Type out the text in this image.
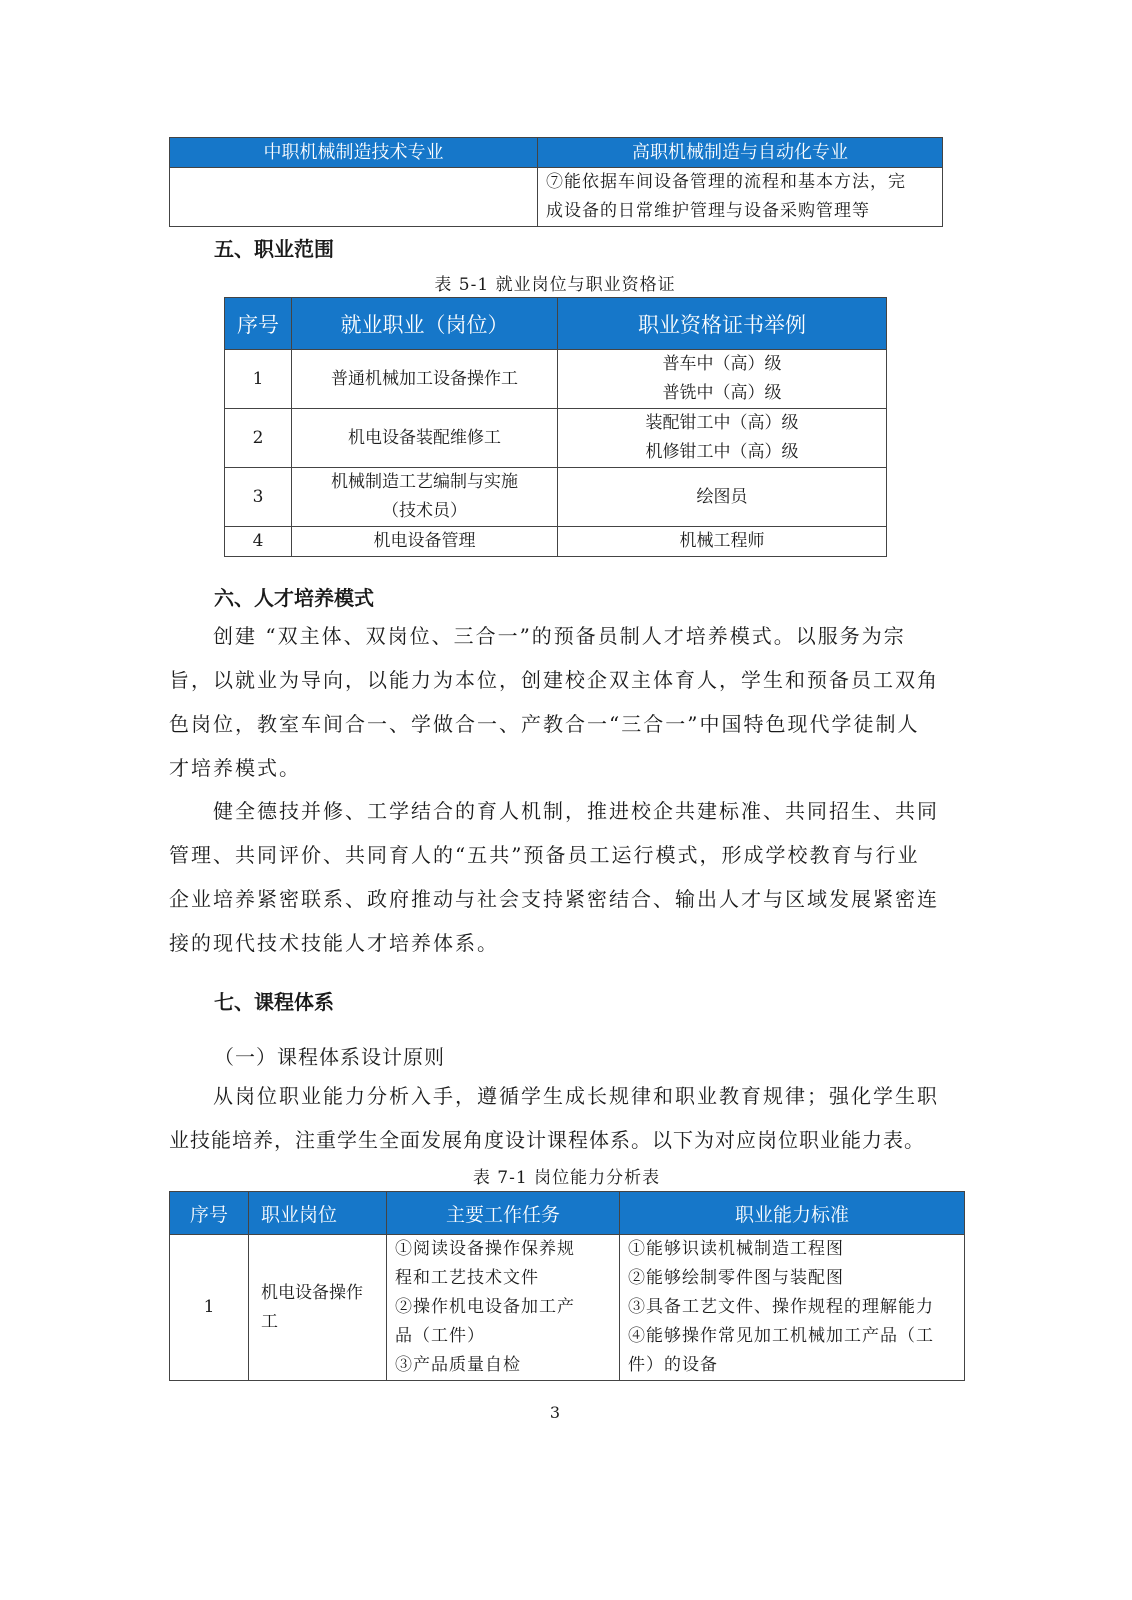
中职机械制造技术专业	高职机械制造与自动化专业

	⑦能依据车间设备管理的流程和基本方法，完
成设备的日常维护管理与设备采购管理等
五、职业范围
表 5-1 就业岗位与职业资格证
序号	就业职业（岗位）	职业资格证书举例
1	普通机械加工设备操作工	普车中（高）级
普铣中（高）级

2	机电设备装配维修工	装配钳工中（高）级
机修钳工中（高）级

3	机械制造工艺编制与实施
（技术员）	绘图员

4	机电设备管理	机械工程师
六、人才培养模式
创建 “双主体、双岗位、三合一”的预备员制人才培养模式。以服务为宗
旨，以就业为导向，以能力为本位，创建校企双主体育人，学生和预备员工双角
色岗位，教室车间合一、学做合一、产教合一“三合一”中国特色现代学徒制人
才培养模式。
健全德技并修、工学结合的育人机制，推进校企共建标准、共同招生、共同
管理、共同评价、共同育人的“五共”预备员工运行模式，形成学校教育与行业
企业培养紧密联系、政府推动与社会支持紧密结合、输出人才与区域发展紧密连
接的现代技术技能人才培养体系。
七、课程体系
（一）课程体系设计原则
从岗位职业能力分析入手，遵循学生成长规律和职业教育规律；强化学生职
业技能培养，注重学生全面发展角度设计课程体系。以下为对应岗位职业能力表。
表 7-1 岗位能力分析表
序号	职业岗位	主要工作任务	职业能力标准
1	机电设备操作
工	①阅读设备操作保养规
程和工艺技术文件
②操作机电设备加工产
品（工件）
③产品质量自检	①能够识读机械制造工程图
②能够绘制零件图与装配图
③具备工艺文件、操作规程的理解能力
④能够操作常见加工机械加工产品（工
件）的设备
3
